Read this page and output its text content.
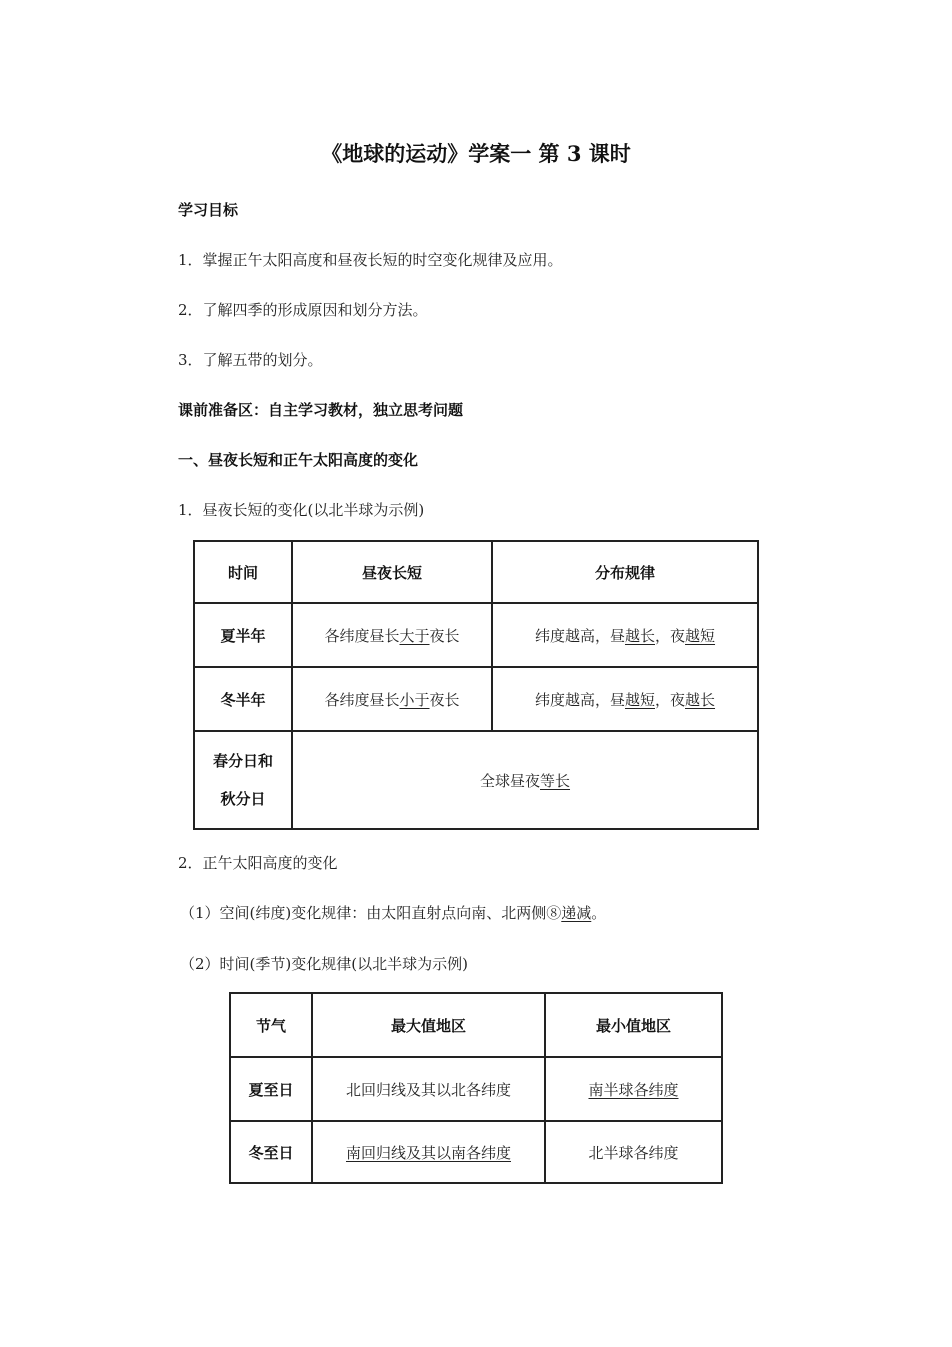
《地球的运动》学案一 第 3 课时
学习目标
1．掌握正午太阳高度和昼夜长短的时空变化规律及应用。
2．了解四季的形成原因和划分方法。
3．了解五带的划分。
课前准备区：自主学习教材，独立思考问题
一、昼夜长短和正午太阳高度的变化
1．昼夜长短的变化(以北半球为示例)
时间	昼夜长短	分布规律
夏半年	各纬度昼长大于夜长	纬度越高，昼越长，夜越短
冬半年	各纬度昼长小于夜长	纬度越高，昼越短，夜越长
春分日和
秋分日	全球昼夜等长	
2．正午太阳高度的变化
（1）空间(纬度)变化规律：由太阳直射点向南、北两侧⑧递减。
（2）时间(季节)变化规律(以北半球为示例)
节气	最大值地区	最小值地区
夏至日	北回归线及其以北各纬度	南半球各纬度
冬至日	南回归线及其以南各纬度	北半球各纬度
